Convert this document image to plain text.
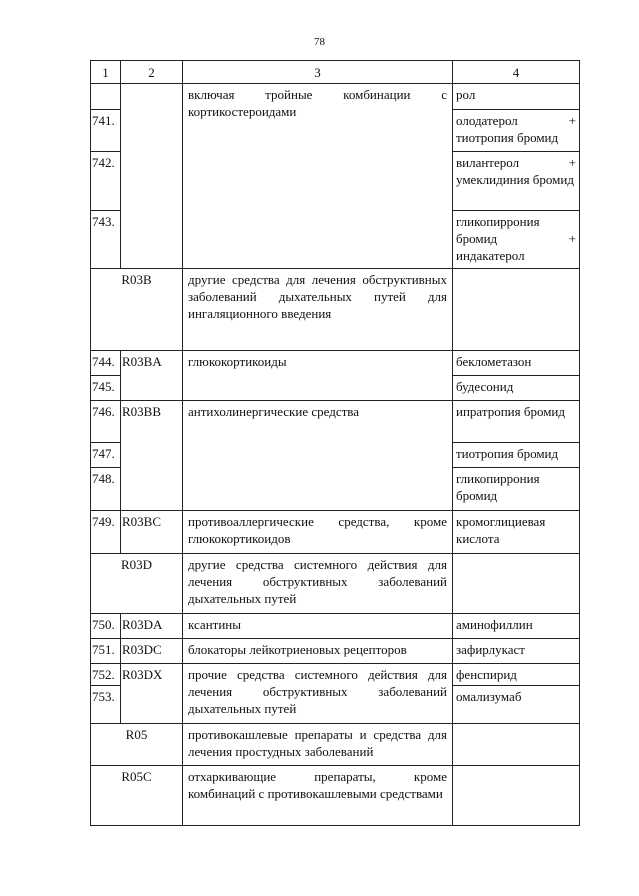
78
1	2	3	4
		включая тройные комбинации с кортикостероидами	рол
741.			олодатерол + тиотропия бромид

742.			вилантерол + умеклидиния бромид

743.			гликопиррония бромид + индакатерол

R03B		другие средства для лечения обструктивных заболеваний дыхательных путей для ингаляционного введения	
744.	R03BA	глюкокортикоиды	беклометазон
745.			будесонид
746.	R03BB	антихолинергические средства	ипратропия бромид
747.			тиотропия бромид
748.			гликопиррония бромид
749.	R03BC	противоаллергические средства, кроме глюкокортикоидов	кромоглициевая кислота
R03D		другие средства системного действия для лечения обструктивных заболеваний дыхательных путей	
750.	R03DA	ксантины	аминофиллин
751.	R03DC	блокаторы лейкотриеновых рецепторов	зафирлукаст
752.	R03DX	прочие средства системного действия для лечения обструктивных заболеваний дыхательных путей	фенспирид
753.			омализумаб
R05		противокашлевые препараты и средства для лечения простудных заболеваний	
R05C		отхаркивающие препараты, кроме комбинаций с противокашлевыми средствами	
